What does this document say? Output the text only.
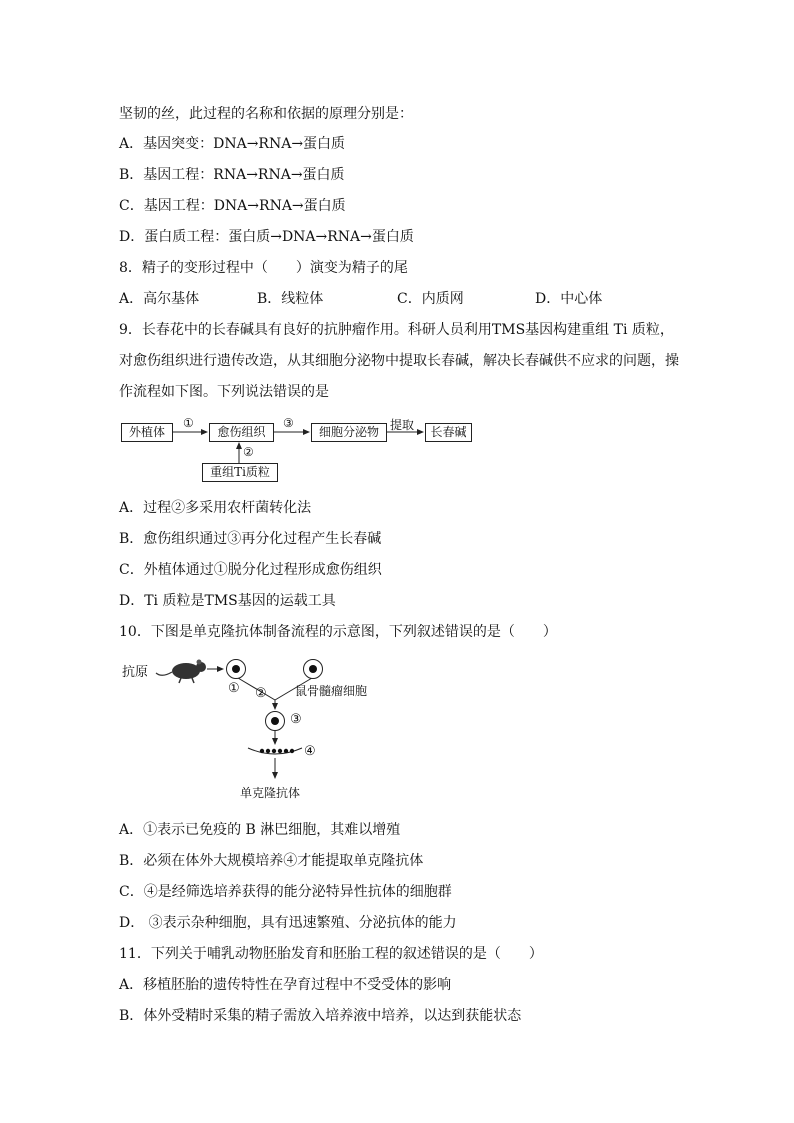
坚韧的丝，此过程的名称和依据的原理分别是：
A．基因突变：DNA→RNA→蛋白质
B．基因工程：RNA→RNA→蛋白质
C．基因工程：DNA→RNA→蛋白质
D．蛋白质工程：蛋白质→DNA→RNA→蛋白质
8．精子的变形过程中（　　）演变为精子的尾
A．高尔基体	B．线粒体	C．内质网	D．中心体
9．长春花中的长春碱具有良好的抗肿瘤作用。科研人员利用TMS基因构建重组 Ti 质粒，
对愈伤组织进行遗传改造，从其细胞分泌物中提取长春碱，解决长春碱供不应求的问题，操
作流程如下图。下列说法错误的是
外植体	愈伤组织	细胞分泌物	长春碱
重组Ti质粒
①
②
③	提取
A．过程②多采用农杆菌转化法
B．愈伤组织通过③再分化过程产生长春碱
C．外植体通过①脱分化过程形成愈伤组织
D．Ti 质粒是TMS基因的运载工具
10．下图是单克隆抗体制备流程的示意图，下列叙述错误的是（　　）
抗原
① ②
③
④
鼠骨髓瘤细胞
单克隆抗体
A．①表示已免疫的 B 淋巴细胞，其难以增殖
B．必须在体外大规模培养④才能提取单克隆抗体
C．④是经筛选培养获得的能分泌特异性抗体的细胞群
D． ③表示杂种细胞，具有迅速繁殖、分泌抗体的能力
11．下列关于哺乳动物胚胎发育和胚胎工程的叙述错误的是（　　）
A．移植胚胎的遗传特性在孕育过程中不受受体的影响
B．体外受精时采集的精子需放入培养液中培养，以达到获能状态
